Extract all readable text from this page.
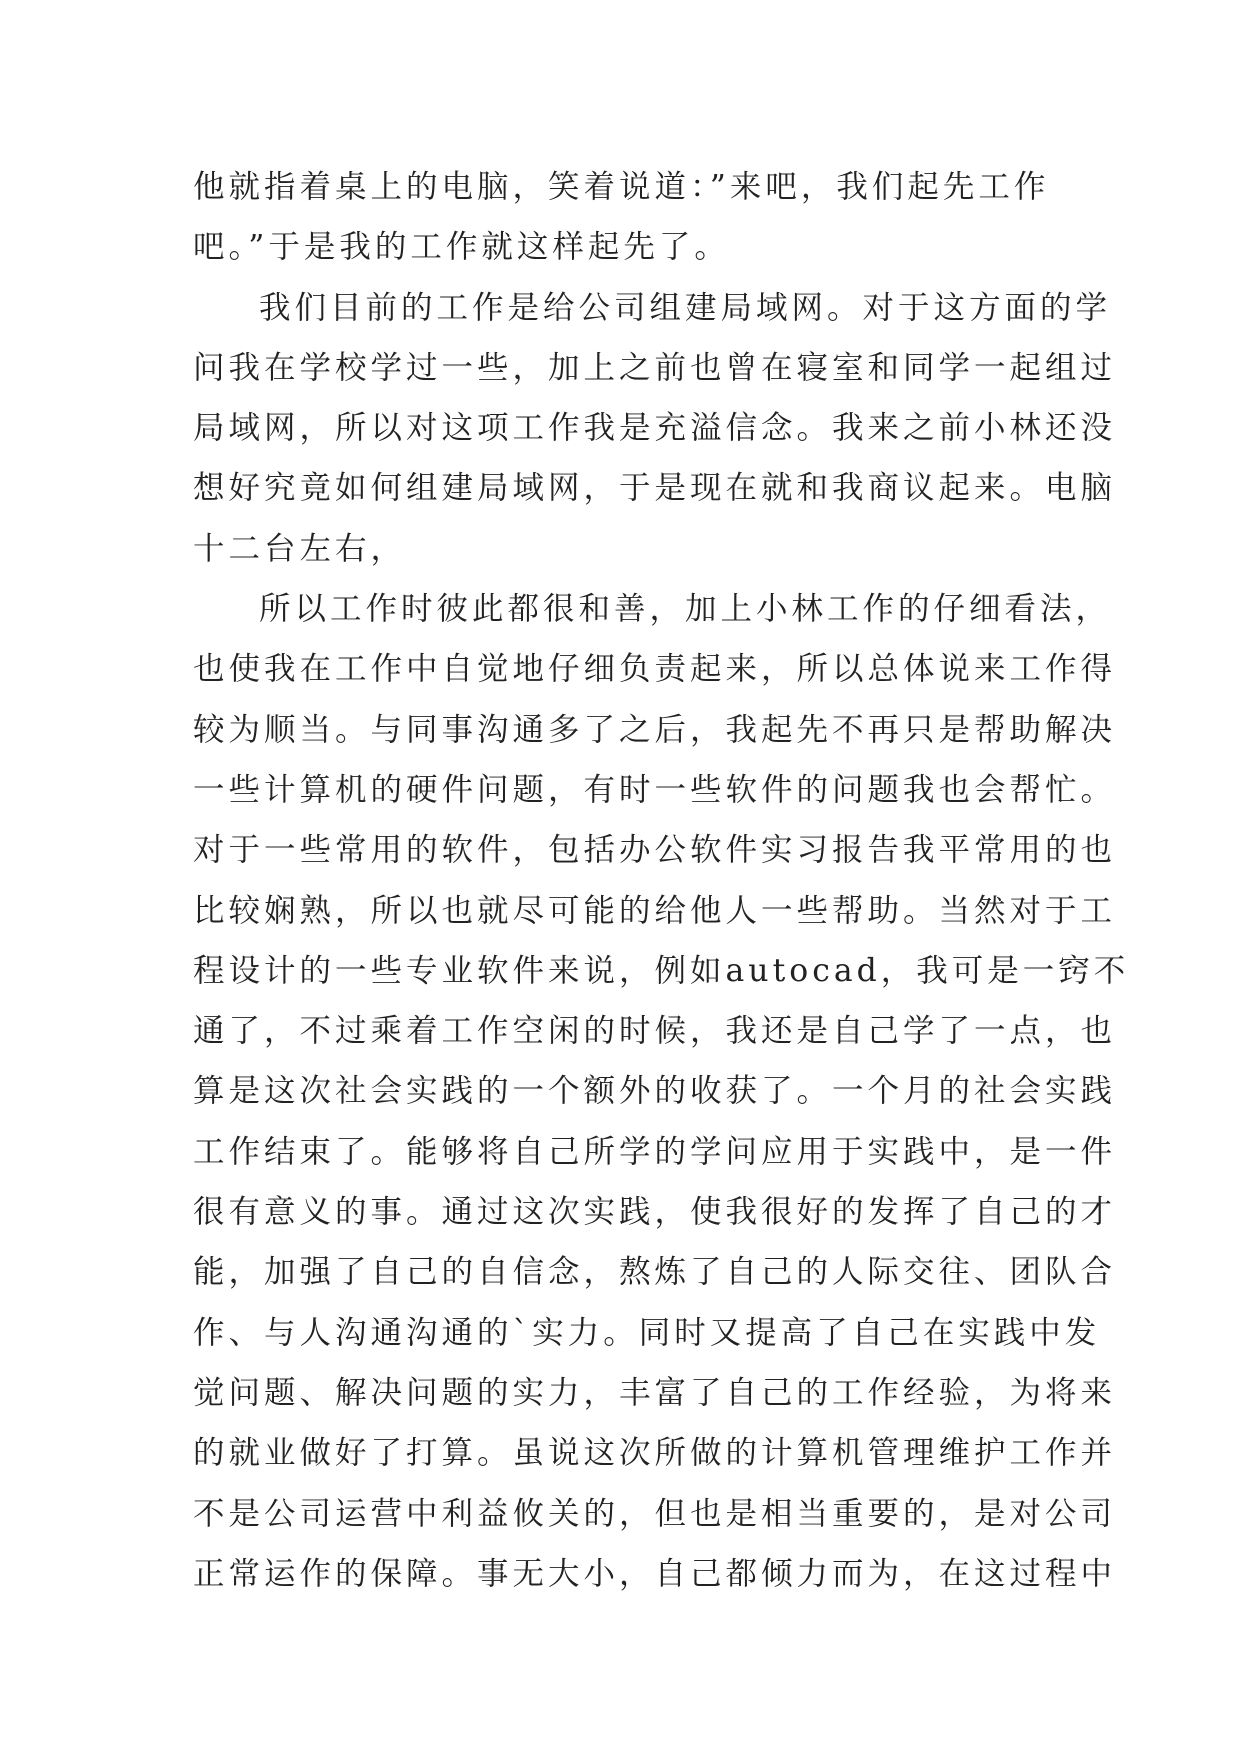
他就指着桌上的电脑，笑着说道：”来吧，我们起先工作
吧。”于是我的工作就这样起先了。
我们目前的工作是给公司组建局域网。对于这方面的学
问我在学校学过一些，加上之前也曾在寝室和同学一起组过
局域网，所以对这项工作我是充溢信念。我来之前小林还没
想好究竟如何组建局域网，于是现在就和我商议起来。电脑
十二台左右，
所以工作时彼此都很和善，加上小林工作的仔细看法，
也使我在工作中自觉地仔细负责起来，所以总体说来工作得
较为顺当。与同事沟通多了之后，我起先不再只是帮助解决
一些计算机的硬件问题，有时一些软件的问题我也会帮忙。
对于一些常用的软件，包括办公软件实习报告我平常用的也
比较娴熟，所以也就尽可能的给他人一些帮助。当然对于工
程设计的一些专业软件来说，例如autocad，我可是一窍不
通了，不过乘着工作空闲的时候，我还是自己学了一点，也
算是这次社会实践的一个额外的收获了。一个月的社会实践
工作结束了。能够将自己所学的学问应用于实践中，是一件
很有意义的事。通过这次实践，使我很好的发挥了自己的才
能，加强了自己的自信念，熬炼了自己的人际交往、团队合
作、与人沟通沟通的`实力。同时又提高了自己在实践中发
觉问题、解决问题的实力，丰富了自己的工作经验，为将来
的就业做好了打算。虽说这次所做的计算机管理维护工作并
不是公司运营中利益攸关的，但也是相当重要的，是对公司
正常运作的保障。事无大小，自己都倾力而为，在这过程中
